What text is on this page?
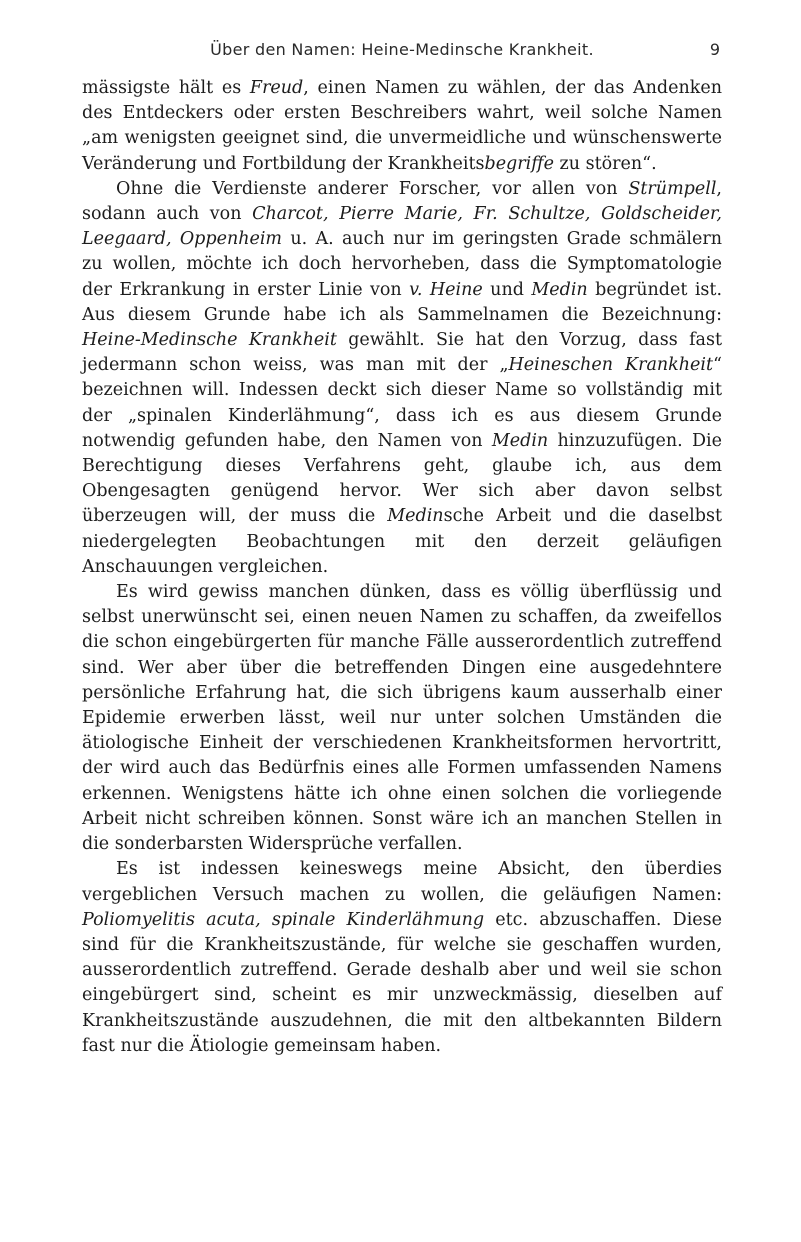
Über den Namen: Heine-Medinsche Krankheit.	9

mässigste hält es Freud, einen Namen zu wählen, der das Andenken des Entdeckers oder ersten Beschreibers wahrt, weil solche Namen „am wenigsten geeignet sind, die unvermeidliche und wünschenswerte Veränderung und Fortbildung der Krankheitsbegriffe zu stören“.

Ohne die Verdienste anderer Forscher, vor allen von Strümpell, sodann auch von Charcot, Pierre Marie, Fr. Schultze, Goldscheider, Leegaard, Oppenheim u. A. auch nur im geringsten Grade schmälern zu wollen, möchte ich doch hervorheben, dass die Symptomatologie der Erkrankung in erster Linie von v. Heine und Medin begründet ist. Aus diesem Grunde habe ich als Sammelnamen die Bezeichnung: Heine-Medinsche Krankheit gewählt. Sie hat den Vorzug, dass fast jedermann schon weiss, was man mit der „Heineschen Krankheit“ bezeichnen will. Indessen deckt sich dieser Name so vollständig mit der „spinalen Kinderlähmung“, dass ich es aus diesem Grunde notwendig gefunden habe, den Namen von Medin hinzuzufügen. Die Berechtigung dieses Verfahrens geht, glaube ich, aus dem Obengesagten genügend hervor. Wer sich aber davon selbst überzeugen will, der muss die Medinsche Arbeit und die daselbst niedergelegten Beobachtungen mit den derzeit geläufigen Anschauungen vergleichen.

Es wird gewiss manchen dünken, dass es völlig überflüssig und selbst unerwünscht sei, einen neuen Namen zu schaffen, da zweifellos die schon eingebürgerten für manche Fälle ausserordentlich zutreffend sind. Wer aber über die betreffenden Dingen eine ausgedehntere persönliche Erfahrung hat, die sich übrigens kaum ausserhalb einer Epidemie erwerben lässt, weil nur unter solchen Umständen die ätiologische Einheit der verschiedenen Krankheitsformen hervortritt, der wird auch das Bedürfnis eines alle Formen umfassenden Namens erkennen. Wenigstens hätte ich ohne einen solchen die vorliegende Arbeit nicht schreiben können. Sonst wäre ich an manchen Stellen in die sonderbarsten Widersprüche verfallen.

Es ist indessen keineswegs meine Absicht, den überdies vergeblichen Versuch machen zu wollen, die geläufigen Namen: Poliomyelitis acuta, spinale Kinderlähmung etc. abzuschaffen. Diese sind für die Krankheitszustände, für welche sie geschaffen wurden, ausserordentlich zutreffend. Gerade deshalb aber und weil sie schon eingebürgert sind, scheint es mir unzweckmässig, dieselben auf Krankheitszustände auszudehnen, die mit den altbekannten Bildern fast nur die Ätiologie gemeinsam haben.
